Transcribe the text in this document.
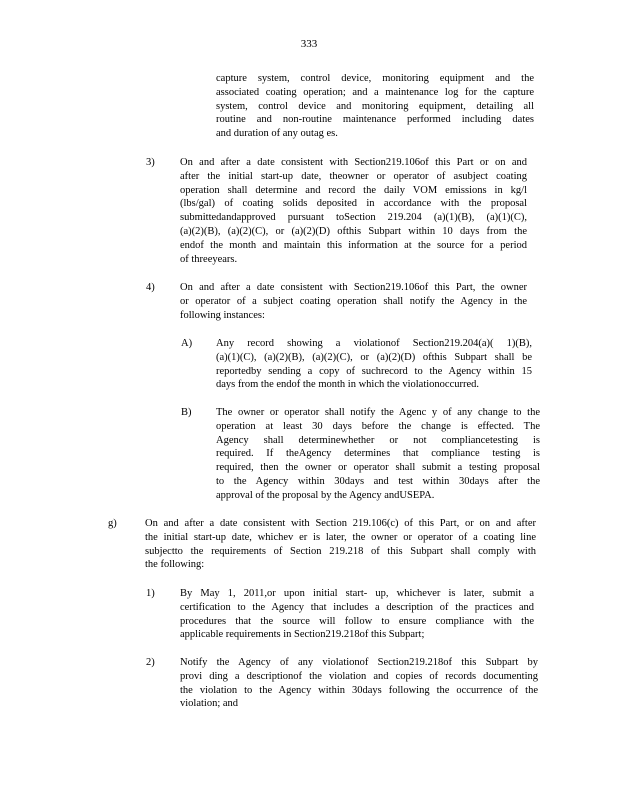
333
capture system, control device, monitoring equipment and the
associated coating operation; and a maintenance log for the capture
system, control device and monitoring equipment, detailing all
routine and non-routine maintenance performed including dates
and duration of any outag es.
3) On and after a date consistent with Section219.106of this Part or on and
after the initial start-up date, theowner or operator of asubject coating
operation shall determine and record the daily VOM emissions in kg/l
(lbs/gal) of coating solids deposited in accordance with the proposal
submittedandapproved pursuant toSection 219.204 (a)(1)(B), (a)(1)(C),
(a)(2)(B), (a)(2)(C), or (a)(2)(D) ofthis Subpart within 10 days from the
endof the month and maintain this information at the source for a period
of threeyears.
4) On and after a date consistent with Section219.106of this Part, the owner
or operator of a subject coating operation shall notify the Agency in the
following instances:
A) Any record showing a violationof Section219.204(a)( 1)(B),
(a)(1)(C), (a)(2)(B), (a)(2)(C), or (a)(2)(D) ofthis Subpart shall be
reportedby sending a copy of suchrecord to the Agency within 15
days from the endof the month in which the violationoccurred.
B) The owner or operator shall notify the Agenc y of any change to the
operation at least 30 days before the change is effected. The
Agency shall determinewhether or not compliancetesting is
required. If theAgency determines that compliance testing is
required, then the owner or operator shall submit a testing proposal
to the Agency within 30days and test within 30days after the
approval of the proposal by the Agency andUSEPA.
g)	On and after a date consistent with Section 219.106(c) of this Part, or on and after
the initial start-up date, whichev er is later, the owner or operator of a coating line
subjectto the requirements of Section 219.218 of this Subpart shall comply with
the following:
1) By May 1, 2011,or upon initial start- up, whichever is later, submit a
certification to the Agency that includes a description of the practices and
procedures that the source will follow to ensure compliance with the
applicable requirements in Section219.218of this Subpart;
2) Notify the Agency of any violationof Section219.218of this Subpart by
provi ding a descriptionof the violation and copies of records documenting
the violation to the Agency within 30days following the occurrence of the
violation; and
